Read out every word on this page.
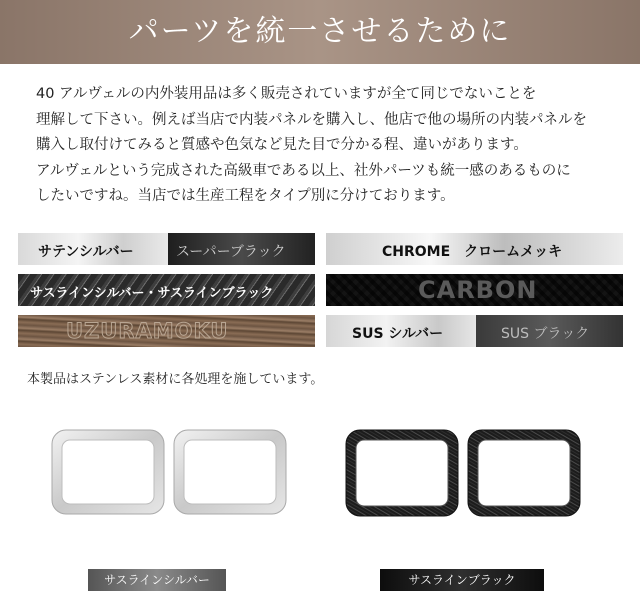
パーツを統一させるために
40 アルヴェルの内外装用品は多く販売されていますが全て同じでないことを
理解して下さい。例えば当店で内装パネルを購入し、他店で他の場所の内装パネルを
購入し取付けてみると質感や色気など見た目で分かる程、違いがあります。
アルヴェルという完成された高級車である以上、社外パーツも統一感のあるものに
したいですね。当店では生産工程をタイプ別に分けております。
サテンシルバー	スーパーブラック	CHROME　クロームメッキ
サスラインシルバー・サスラインブラック	CARBON
UZURAMOKU	SUS シルバー	SUS ブラック
本製品はステンレス素材に各処理を施しています。
サスラインシルバー	サスラインブラック
